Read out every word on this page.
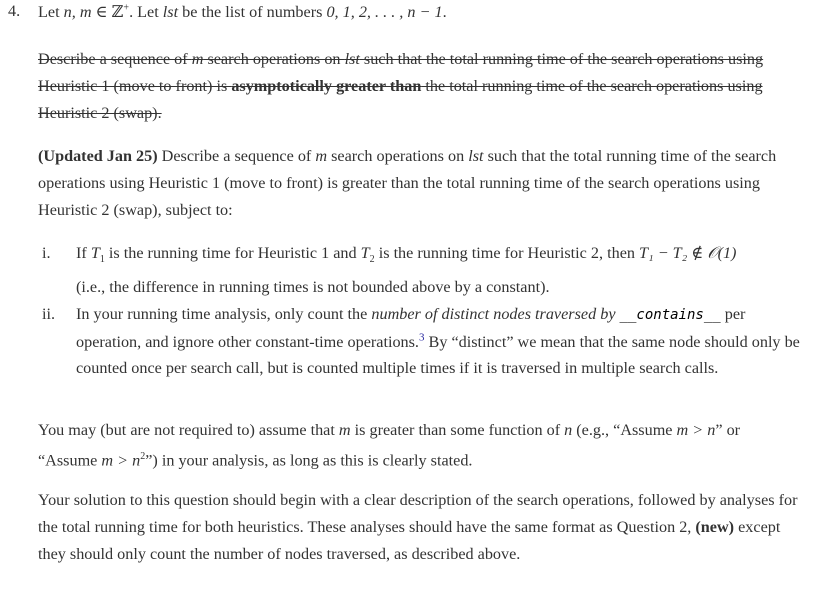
4. Let n, m ∈ ℤ+. Let lst be the list of numbers 0, 1, 2, . . . , n − 1.
Describe a sequence of m search operations on lst such that the total running time of the search operations using Heuristic 1 (move to front) is asymptotically greater than the total running time of the search operations using Heuristic 2 (swap).
(Updated Jan 25) Describe a sequence of m search operations on lst such that the total running time of the search operations using Heuristic 1 (move to front) is greater than the total running time of the search operations using Heuristic 2 (swap), subject to:
i. If $T_1$ is the running time for Heuristic 1 and $T_2$ is the running time for Heuristic 2, then T₁ − T₂ ∉ 𝒪(1)
(i.e., the difference in running times is not bounded above by a constant).
ii. In your running time analysis, only count the number of distinct nodes traversed by __contains__ per operation, and ignore other constant-time operations.$^3$ By “distinct” we mean that the same node should only be counted once per search call, but is counted multiple times if it is traversed in multiple search calls.
You may (but are not required to) assume that m is greater than some function of n (e.g., “Assume m > n” or “Assume $m > n^2$”) in your analysis, as long as this is clearly stated.
Your solution to this question should begin with a clear description of the search operations, followed by analyses for the total running time for both heuristics. These analyses should have the same format as Question 2, (new) except they should only count the number of nodes traversed, as described above.
